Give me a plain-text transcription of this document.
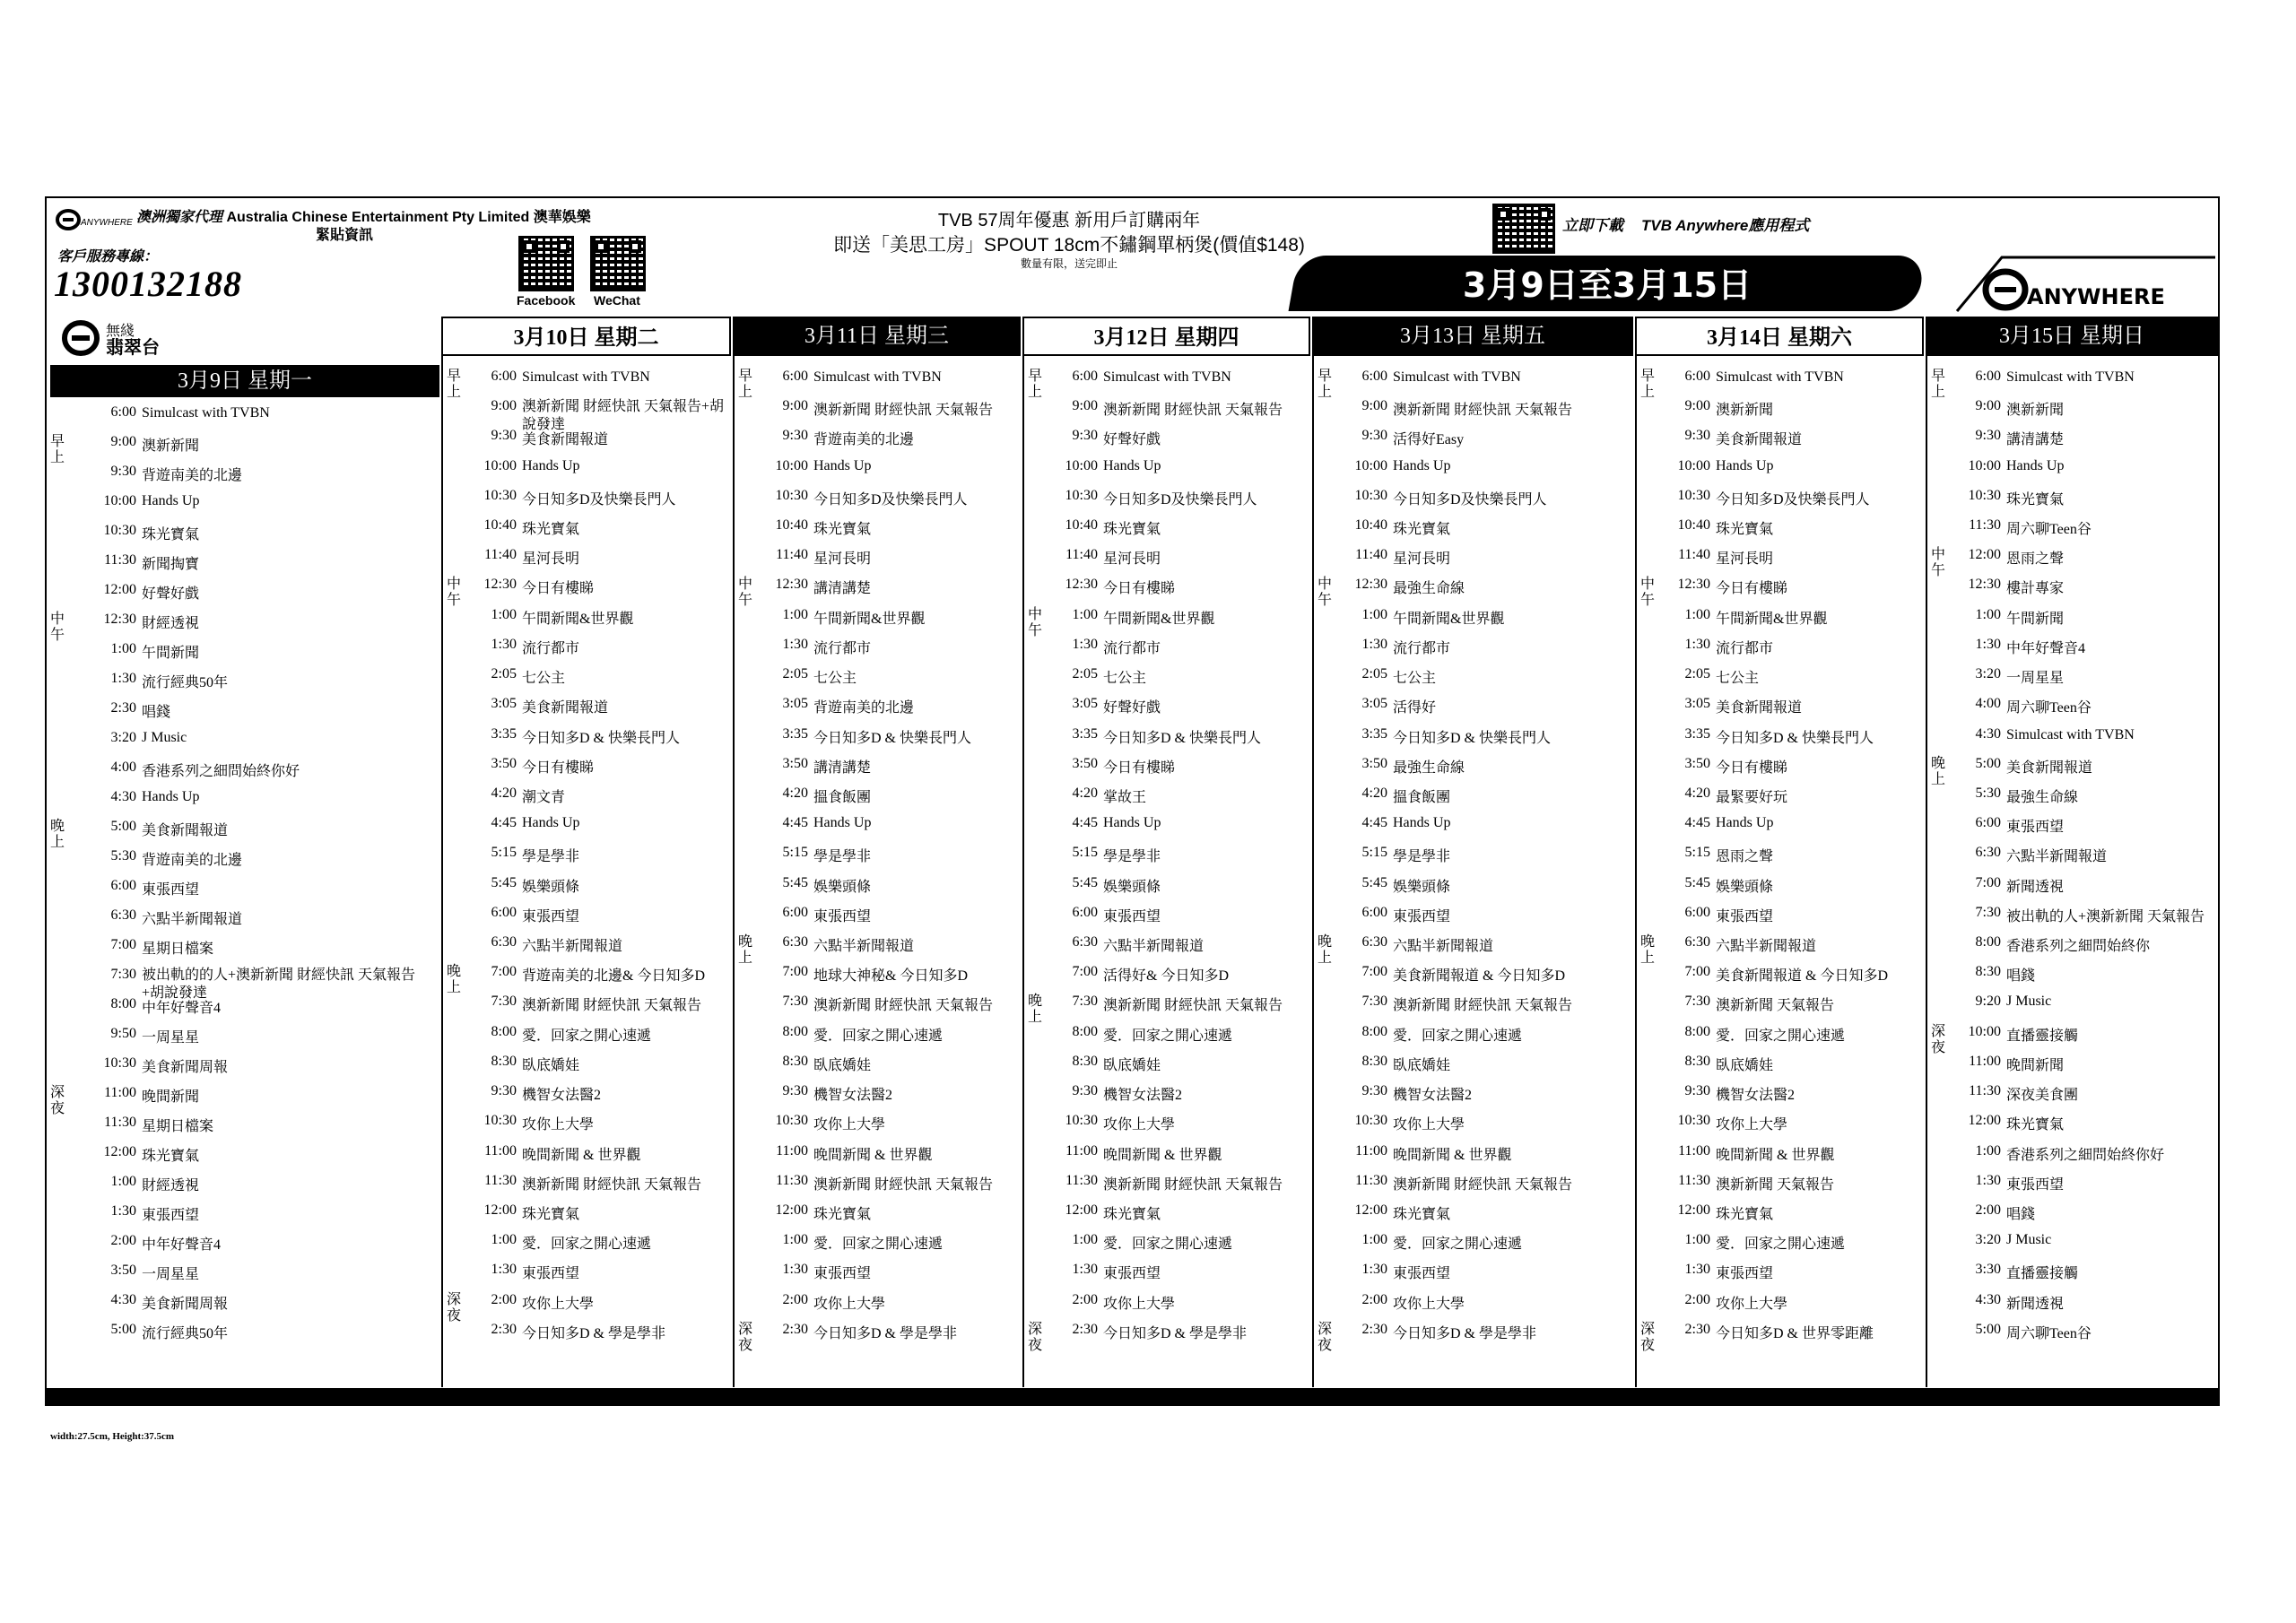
ANYWHERE 澳洲獨家代理 Australia Chinese Entertainment Pty Limited 澳華娛樂
緊貼資訊
客戶服務專線：
1300132188	Facebook WeChat
TVB 57周年優惠 新用戶訂購兩年
即送「美思工房」SPOUT 18cm不鏽鋼單柄煲(價值$148)
數量有限，送完即止
立即下載 TVB Anywhere應用程式
3月9日至3月15日	ANYWHERE
無綫
翡翠台
3月9日 星期一
6:00 Simulcast with TVBN
9:00 澳新新聞
9:30 背遊南美的北邊
10:00 Hands Up
10:30 珠光寶氣
11:30 新聞掏寶
12:00 好聲好戲
12:30 財經透視
1:00 午間新聞
1:30 流行經典50年
2:30 唱錢
3:20 J Music
4:00 香港系列之細問始終你好
4:30 Hands Up
5:00 美食新聞報道
5:30 背遊南美的北邊
6:00 東張西望
6:30 六點半新聞報道
7:00 星期日檔案
7:30 被出軌的的人+澳新新聞 財經快訊 天氣報告+胡說發達
8:00 中年好聲音4
9:50 一周星星
10:30 美食新聞周報
11:00 晚間新聞
11:30 星期日檔案
12:00 珠光寶氣
1:00 財經透視
1:30 東張西望
2:00 中年好聲音4
3:50 一周星星
4:30 美食新聞周報
5:00 流行經典50年
早上
中午
晚上
深夜
3月10日 星期二
6:00 Simulcast with TVBN
9:00 澳新新聞 財經快訊 天氣報告+胡說發達
9:30 美食新聞報道
10:00 Hands Up
10:30 今日知多D及快樂長門人
10:40 珠光寶氣
11:40 星河長明
12:30 今日有樓睇
1:00 午間新聞&世界觀
1:30 流行都市
2:05 七公主
3:05 美食新聞報道
3:35 今日知多D & 快樂長門人
3:50 今日有樓睇
4:20 潮文青
4:45 Hands Up
5:15 學是學非
5:45 娛樂頭條
6:00 東張西望
6:30 六點半新聞報道
7:00 背遊南美的北邊& 今日知多D
7:30 澳新新聞 財經快訊 天氣報告
8:00 愛．回家之開心速遞
8:30 臥底嬌娃
9:30 機智女法醫2
10:30 攻你上大學
11:00 晚間新聞 & 世界觀
11:30 澳新新聞 財經快訊 天氣報告
12:00 珠光寶氣
1:00 愛．回家之開心速遞
1:30 東張西望
2:00 攻你上大學
2:30 今日知多D & 學是學非
早上
中午
晚上
深夜
3月11日 星期三
6:00 Simulcast with TVBN
9:00 澳新新聞 財經快訊 天氣報告
9:30 背遊南美的北邊
10:00 Hands Up
10:30 今日知多D及快樂長門人
10:40 珠光寶氣
11:40 星河長明
12:30 講清講楚
1:00 午間新聞&世界觀
1:30 流行都市
2:05 七公主
3:05 背遊南美的北邊
3:35 今日知多D & 快樂長門人
3:50 講清講楚
4:20 搵食飯團
4:45 Hands Up
5:15 學是學非
5:45 娛樂頭條
6:00 東張西望
6:30 六點半新聞報道
7:00 地球大神秘& 今日知多D
7:30 澳新新聞 財經快訊 天氣報告
8:00 愛．回家之開心速遞
8:30 臥底嬌娃
9:30 機智女法醫2
10:30 攻你上大學
11:00 晚間新聞 & 世界觀
11:30 澳新新聞 財經快訊 天氣報告
12:00 珠光寶氣
1:00 愛．回家之開心速遞
1:30 東張西望
2:00 攻你上大學
2:30 今日知多D & 學是學非
早上
中午
晚上
深夜
3月12日 星期四
6:00 Simulcast with TVBN
9:00 澳新新聞 財經快訊 天氣報告
9:30 好聲好戲
10:00 Hands Up
10:30 今日知多D及快樂長門人
10:40 珠光寶氣
11:40 星河長明
12:30 今日有樓睇
1:00 午間新聞&世界觀
1:30 流行都市
2:05 七公主
3:05 好聲好戲
3:35 今日知多D & 快樂長門人
3:50 今日有樓睇
4:20 掌故王
4:45 Hands Up
5:15 學是學非
5:45 娛樂頭條
6:00 東張西望
6:30 六點半新聞報道
7:00 活得好& 今日知多D
7:30 澳新新聞 財經快訊 天氣報告
8:00 愛．回家之開心速遞
8:30 臥底嬌娃
9:30 機智女法醫2
10:30 攻你上大學
11:00 晚間新聞 & 世界觀
11:30 澳新新聞 財經快訊 天氣報告
12:00 珠光寶氣
1:00 愛．回家之開心速遞
1:30 東張西望
2:00 攻你上大學
2:30 今日知多D & 學是學非
早上
中午
晚上
深夜
3月13日 星期五
6:00 Simulcast with TVBN
9:00 澳新新聞 財經快訊 天氣報告
9:30 活得好Easy
10:00 Hands Up
10:30 今日知多D及快樂長門人
10:40 珠光寶氣
11:40 星河長明
12:30 最強生命線
1:00 午間新聞&世界觀
1:30 流行都市
2:05 七公主
3:05 活得好
3:35 今日知多D & 快樂長門人
3:50 最強生命線
4:20 搵食飯團
4:45 Hands Up
5:15 學是學非
5:45 娛樂頭條
6:00 東張西望
6:30 六點半新聞報道
7:00 美食新聞報道 & 今日知多D
7:30 澳新新聞 財經快訊 天氣報告
8:00 愛．回家之開心速遞
8:30 臥底嬌娃
9:30 機智女法醫2
10:30 攻你上大學
11:00 晚間新聞 & 世界觀
11:30 澳新新聞 財經快訊 天氣報告
12:00 珠光寶氣
1:00 愛．回家之開心速遞
1:30 東張西望
2:00 攻你上大學
2:30 今日知多D & 學是學非
早上
中午
晚上
深夜
3月14日 星期六
6:00 Simulcast with TVBN
9:00 澳新新聞
9:30 美食新聞報道
10:00 Hands Up
10:30 今日知多D及快樂長門人
10:40 珠光寶氣
11:40 星河長明
12:30 今日有樓睇
1:00 午間新聞&世界觀
1:30 流行都市
2:05 七公主
3:05 美食新聞報道
3:35 今日知多D & 快樂長門人
3:50 今日有樓睇
4:20 最緊要好玩
4:45 Hands Up
5:15 恩雨之聲
5:45 娛樂頭條
6:00 東張西望
6:30 六點半新聞報道
7:00 美食新聞報道 & 今日知多D
7:30 澳新新聞 天氣報告
8:00 愛．回家之開心速遞
8:30 臥底嬌娃
9:30 機智女法醫2
10:30 攻你上大學
11:00 晚間新聞 & 世界觀
11:30 澳新新聞 天氣報告
12:00 珠光寶氣
1:00 愛．回家之開心速遞
1:30 東張西望
2:00 攻你上大學
2:30 今日知多D & 世界零距離
早上
中午
晚上
深夜
3月15日 星期日
6:00 Simulcast with TVBN
9:00 澳新新聞
9:30 講清講楚
10:00 Hands Up
10:30 珠光寶氣
11:30 周六聊Teen谷
12:00 恩雨之聲
12:30 樓計專家
1:00 午間新聞
1:30 中年好聲音4
3:20 一周星星
4:00 周六聊Teen谷
4:30 Simulcast with TVBN
5:00 美食新聞報道
5:30 最強生命線
6:00 東張西望
6:30 六點半新聞報道
7:00 新聞透視
7:30 被出軌的人+澳新新聞 天氣報告
8:00 香港系列之細問始終你
8:30 唱錢
9:20 J Music
10:00 直播靈接觸
11:00 晚間新聞
11:30 深夜美食團
12:00 珠光寶氣
1:00 香港系列之細問始終你好
1:30 東張西望
2:00 唱錢
3:20 J Music
3:30 直播靈接觸
4:30 新聞透視
5:00 周六聊Teen谷
早上
中午
晚上
深夜
width:27.5cm, Height:37.5cm
